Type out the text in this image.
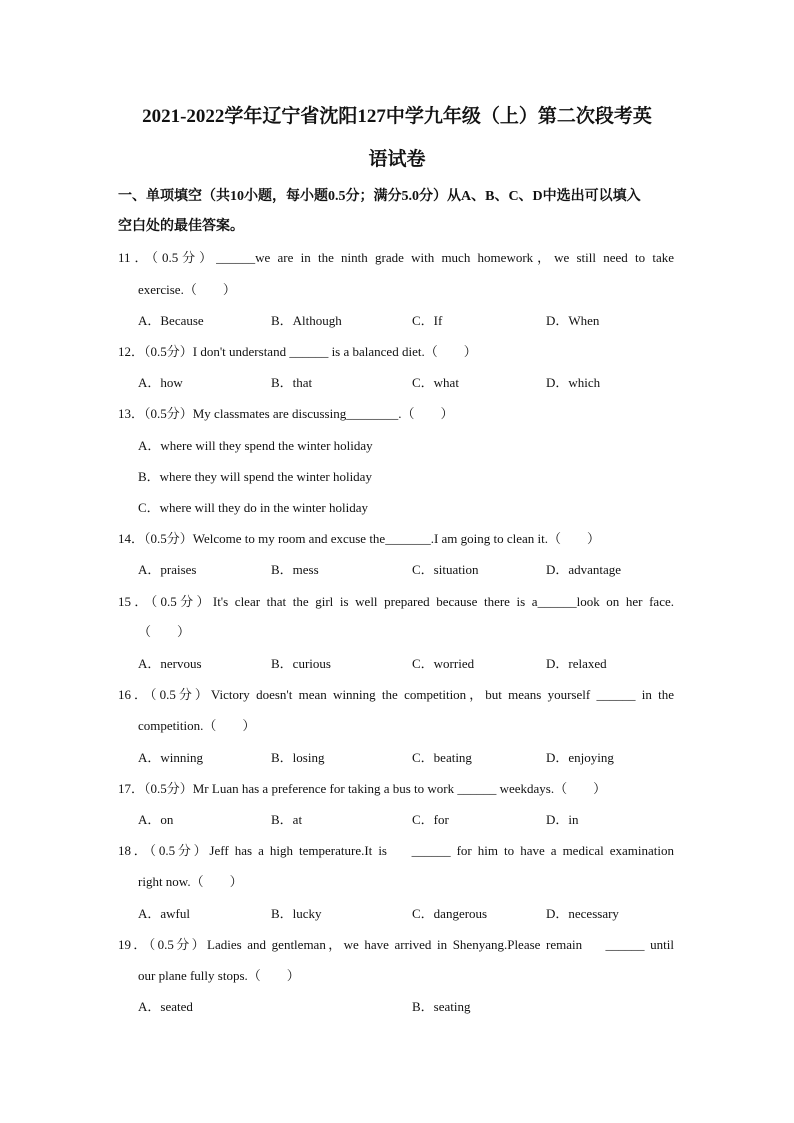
2021-2022学年辽宁省沈阳127中学九年级（上）第二次段考英
语试卷
一、单项填空（共10小题，每小题0.5分；满分5.0分）从A、B、C、D中选出可以填入
空白处的最佳答案。
11．（0.5分）______we are in the ninth grade with much homework，we still need to take
exercise.（　　）
A．Because	B．Although	C．If	D．When
12．（0.5分）I don't understand ______ is a balanced diet.（　　）
A．how	B．that	C．what	D．which
13．（0.5分）My classmates are discussing________.（　　）
A．where will they spend the winter holiday
B．where they will spend the winter holiday
C．where will they do in the winter holiday
14．（0.5分）Welcome to my room and excuse the_______.I am going to clean it.（　　）
A．praises	B．mess	C．situation	D．advantage
15．（0.5分）It's clear that the girl is well prepared because there is a______look on her face.
（　　）
A．nervous	B．curious	C．worried	D．relaxed
16．（0.5分）Victory doesn't mean winning the competition，but means yourself ______ in the
competition.（　　）
A．winning	B．losing	C．beating	D．enjoying
17．（0.5分）Mr Luan has a preference for taking a bus to work ______ weekdays.（　　）
A．on	B．at	C．for	D．in
18．（0.5分）Jeff has a high temperature.It is　 ______ for him to have a medical examination
right now.（　　）
A．awful	B．lucky	C．dangerous	D．necessary
19．（0.5分）Ladies and gentleman，we have arrived in Shenyang.Please remain　 ______ until
our plane fully stops.（　　）
A．seated	B．seating
